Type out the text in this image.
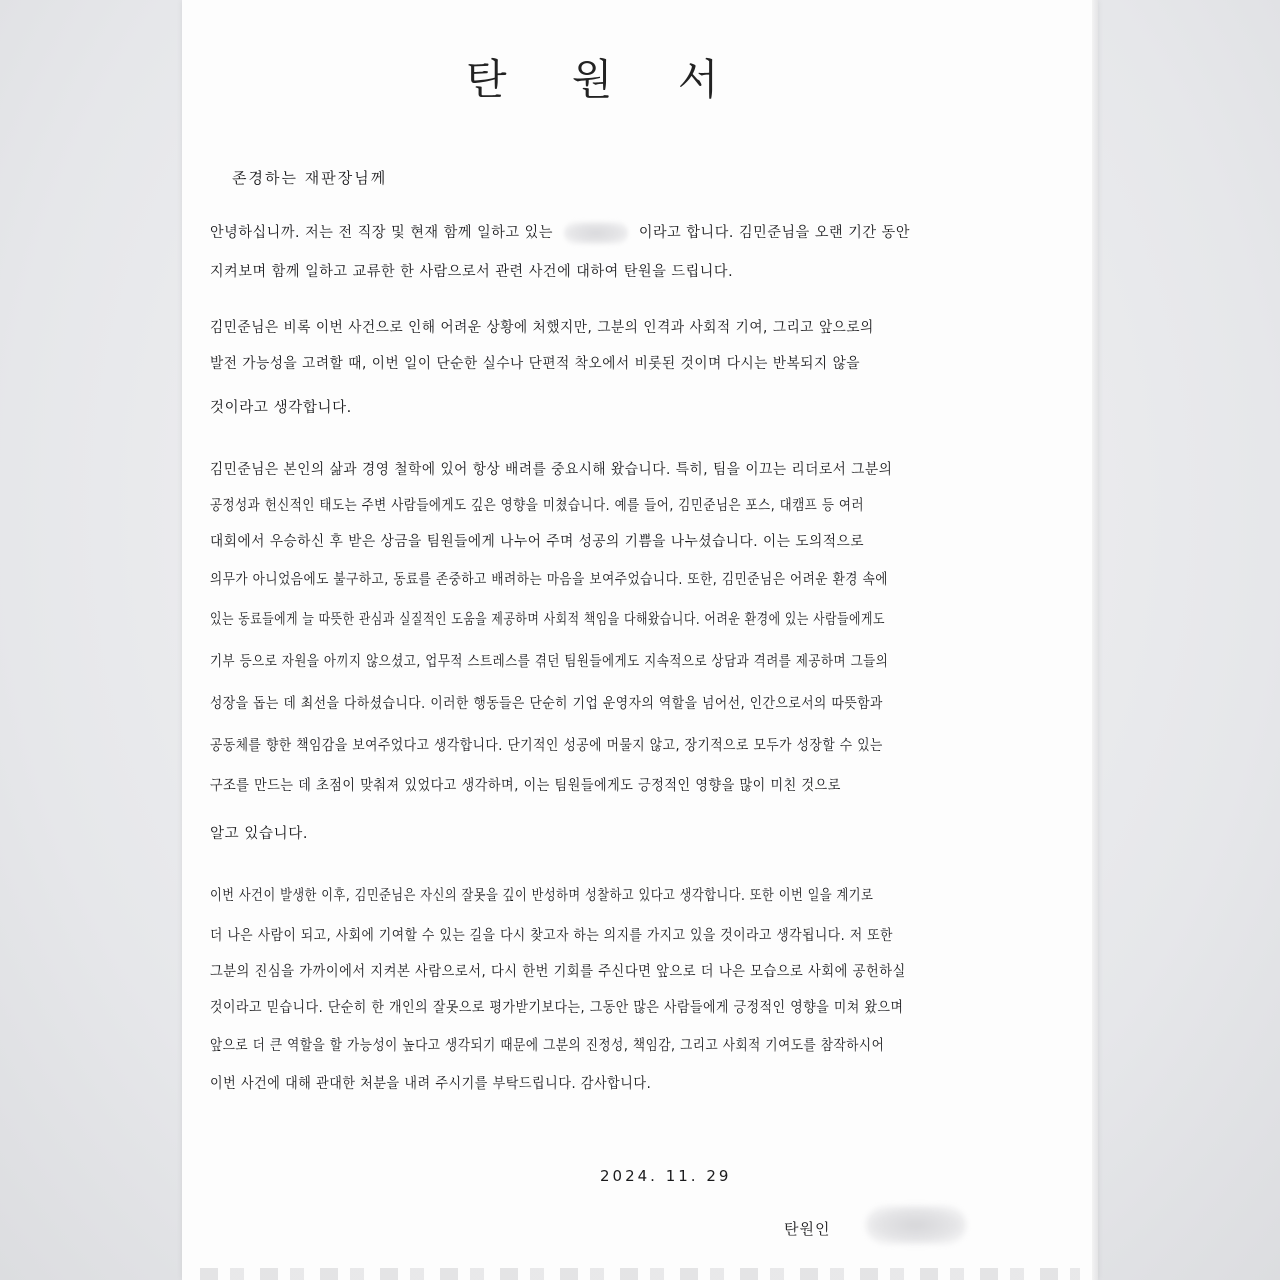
탄 원 서
존경하는 재판장님께
안녕하십니까. 저는 전 직장 및 현재 함께 일하고 있는	이라고 합니다. 김민준님을 오랜 기간 동안
지켜보며 함께 일하고 교류한 한 사람으로서 관련 사건에 대하여 탄원을 드립니다.
김민준님은 비록 이번 사건으로 인해 어려운 상황에 처했지만, 그분의 인격과 사회적 기여, 그리고 앞으로의
발전 가능성을 고려할 때, 이번 일이 단순한 실수나 단편적 착오에서 비롯된 것이며 다시는 반복되지 않을
것이라고 생각합니다.
김민준님은 본인의 삶과 경영 철학에 있어 항상 배려를 중요시해 왔습니다. 특히, 팀을 이끄는 리더로서 그분의
공정성과 헌신적인 태도는 주변 사람들에게도 깊은 영향을 미쳤습니다. 예를 들어, 김민준님은 포스, 대캠프 등 여러
대회에서 우승하신 후 받은 상금을 팀원들에게 나누어 주며 성공의 기쁨을 나누셨습니다. 이는 도의적으로
의무가 아니었음에도 불구하고, 동료를 존중하고 배려하는 마음을 보여주었습니다. 또한, 김민준님은 어려운 환경 속에
있는 동료들에게 늘 따뜻한 관심과 실질적인 도움을 제공하며 사회적 책임을 다해왔습니다. 어려운 환경에 있는 사람들에게도
기부 등으로 자원을 아끼지 않으셨고, 업무적 스트레스를 겪던 팀원들에게도 지속적으로 상담과 격려를 제공하며 그들의
성장을 돕는 데 최선을 다하셨습니다. 이러한 행동들은 단순히 기업 운영자의 역할을 넘어선, 인간으로서의 따뜻함과
공동체를 향한 책임감을 보여주었다고 생각합니다. 단기적인 성공에 머물지 않고, 장기적으로 모두가 성장할 수 있는
구조를 만드는 데 초점이 맞춰져 있었다고 생각하며, 이는 팀원들에게도 긍정적인 영향을 많이 미친 것으로
알고 있습니다.
이번 사건이 발생한 이후, 김민준님은 자신의 잘못을 깊이 반성하며 성찰하고 있다고 생각합니다. 또한 이번 일을 계기로
더 나은 사람이 되고, 사회에 기여할 수 있는 길을 다시 찾고자 하는 의지를 가지고 있을 것이라고 생각됩니다. 저 또한
그분의 진심을 가까이에서 지켜본 사람으로서, 다시 한번 기회를 주신다면 앞으로 더 나은 모습으로 사회에 공헌하실
것이라고 믿습니다. 단순히 한 개인의 잘못으로 평가받기보다는, 그동안 많은 사람들에게 긍정적인 영향을 미쳐 왔으며
앞으로 더 큰 역할을 할 가능성이 높다고 생각되기 때문에 그분의 진정성, 책임감, 그리고 사회적 기여도를 참작하시어
이번 사건에 대해 관대한 처분을 내려 주시기를 부탁드립니다. 감사합니다.
2024. 11. 29
탄원인
